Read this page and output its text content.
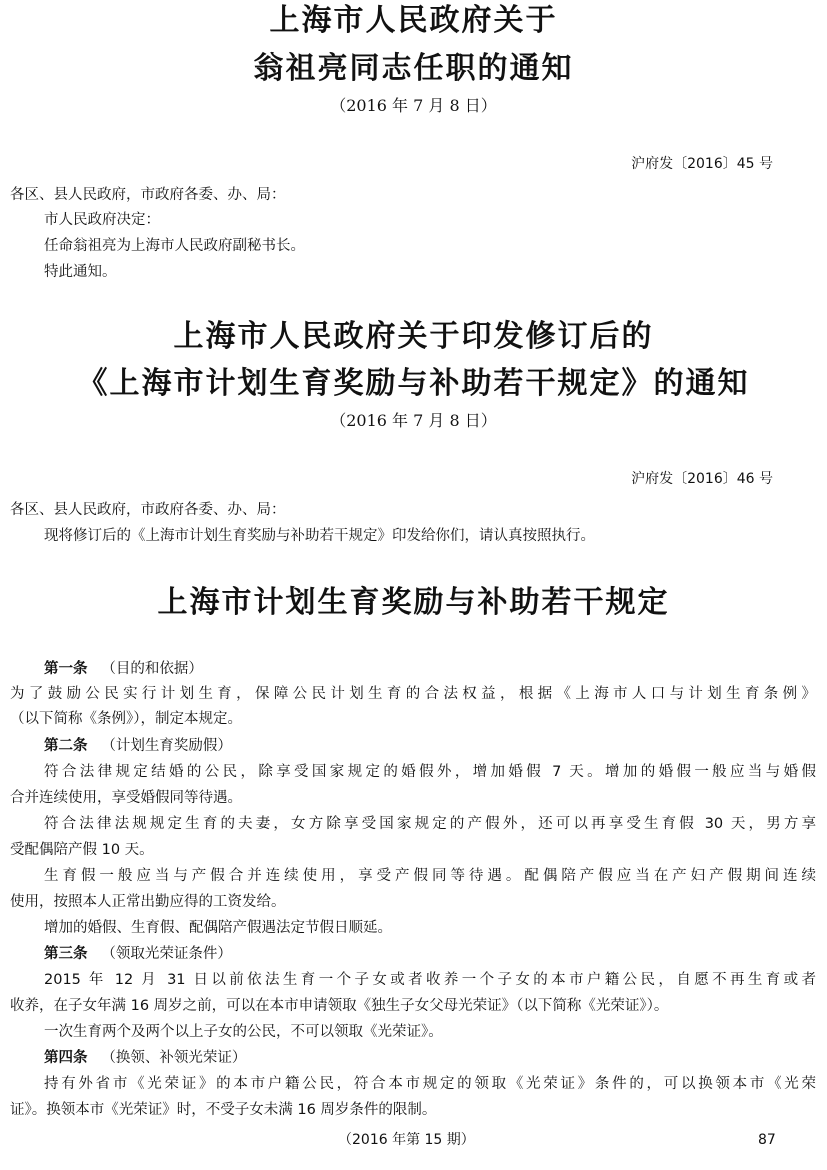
上海市人民政府关于
翁祖亮同志任职的通知
（2016 年 7 月 8 日）
沪府发〔2016〕45 号
各区、县人民政府，市政府各委、办、局：
市人民政府决定：
任命翁祖亮为上海市人民政府副秘书长。
特此通知。
上海市人民政府关于印发修订后的
《上海市计划生育奖励与补助若干规定》的通知
（2016 年 7 月 8 日）
沪府发〔2016〕46 号
各区、县人民政府，市政府各委、办、局：
现将修订后的《上海市计划生育奖励与补助若干规定》印发给你们，请认真按照执行。
上海市计划生育奖励与补助若干规定
第一条 （目的和依据）
为了鼓励公民实行计划生育，保障公民计划生育的合法权益，根据《上海市人口与计划生育条例》
（以下简称《条例》），制定本规定。
第二条 （计划生育奖励假）
符合法律规定结婚的公民，除享受国家规定的婚假外，增加婚假 7 天。增加的婚假一般应当与婚假
合并连续使用，享受婚假同等待遇。
符合法律法规规定生育的夫妻，女方除享受国家规定的产假外，还可以再享受生育假 30 天，男方享
受配偶陪产假 10 天。
生育假一般应当与产假合并连续使用，享受产假同等待遇。配偶陪产假应当在产妇产假期间连续
使用，按照本人正常出勤应得的工资发给。
增加的婚假、生育假、配偶陪产假遇法定节假日顺延。
第三条 （领取光荣证条件）
2015 年 12 月 31 日以前依法生育一个子女或者收养一个子女的本市户籍公民，自愿不再生育或者
收养，在子女年满 16 周岁之前，可以在本市申请领取《独生子女父母光荣证》（以下简称《光荣证》）。
一次生育两个及两个以上子女的公民，不可以领取《光荣证》。
第四条 （换领、补领光荣证）
持有外省市《光荣证》的本市户籍公民，符合本市规定的领取《光荣证》条件的，可以换领本市《光荣
证》。换领本市《光荣证》时，不受子女未满 16 周岁条件的限制。
（2016 年第 15 期）	87
